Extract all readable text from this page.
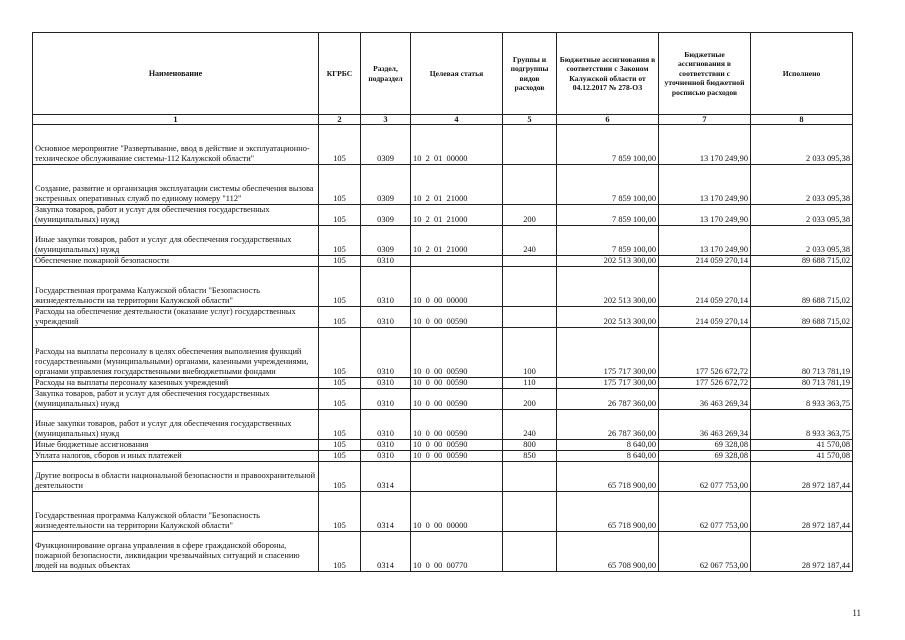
Наименование	КГРБС	Раздел, подраздел	Целевая статья	Группы и подгруппы видов расходов	Бюджетные ассигнования в соответствии с Законом Калужской области от 04.12.2017 № 278-ОЗ	Бюджетные ассигнования в соответствии с уточненной бюджетной росписью расходов	Исполнено
1	2	3	4	5	6	7	8
Основное мероприятие "Развертывание, ввод в действие и эксплуатационно-техническое обслуживание системы-112 Калужской области"	105	0309	10  2  01  00000		7 859 100,00	13 170 249,90	2 033 095,38
Создание, развитие и организация эксплуатации системы обеспечения вызова экстренных оперативных служб по единому номеру "112"	105	0309	10  2  01  21000		7 859 100,00	13 170 249,90	2 033 095,38
Закупка товаров, работ и услуг для обеспечения государственных (муниципальных) нужд	105	0309	10  2  01  21000	200	7 859 100,00	13 170 249,90	2 033 095,38
Иные закупки товаров, работ и услуг для обеспечения государственных (муниципальных) нужд	105	0309	10  2  01  21000	240	7 859 100,00	13 170 249,90	2 033 095,38
Обеспечение пожарной безопасности	105	0310			202 513 300,00	214 059 270,14	89 688 715,02
Государственная программа Калужской области "Безопасность жизнедеятельности на территории Калужской области"	105	0310	10  0  00  00000		202 513 300,00	214 059 270,14	89 688 715,02
Расходы на обеспечение деятельности (оказание услуг) государственных учреждений	105	0310	10  0  00  00590		202 513 300,00	214 059 270,14	89 688 715,02
Расходы на выплаты персоналу в целях обеспечения выполнения функций государственными (муниципальными) органами, казенными учреждениями, органами управления государственными внебюджетными фондами	105	0310	10  0  00  00590	100	175 717 300,00	177 526 672,72	80 713 781,19
Расходы на выплаты персоналу казенных учреждений	105	0310	10  0  00  00590	110	175 717 300,00	177 526 672,72	80 713 781,19
Закупка товаров, работ и услуг для обеспечения государственных (муниципальных) нужд	105	0310	10  0  00  00590	200	26 787 360,00	36 463 269,34	8 933 363,75
Иные закупки товаров, работ и услуг для обеспечения государственных (муниципальных) нужд	105	0310	10  0  00  00590	240	26 787 360,00	36 463 269,34	8 933 363,75
Иные бюджетные ассигнования	105	0310	10  0  00  00590	800	8 640,00	69 328,08	41 570,08
Уплата налогов, сборов и иных платежей	105	0310	10  0  00  00590	850	8 640,00	69 328,08	41 570,08
Другие вопросы в области национальной безопасности и правоохранительной деятельности	105	0314			65 718 900,00	62 077 753,00	28 972 187,44
Государственная программа Калужской области "Безопасность жизнедеятельности на территории Калужской области"	105	0314	10  0  00  00000		65 718 900,00	62 077 753,00	28 972 187,44
Функционирование органа управления в сфере гражданской обороны, пожарной безопасности, ликвидации чрезвычайных ситуаций и спасению людей на водных объектах	105	0314	10  0  00  00770		65 708 900,00	62 067 753,00	28 972 187,44
11
